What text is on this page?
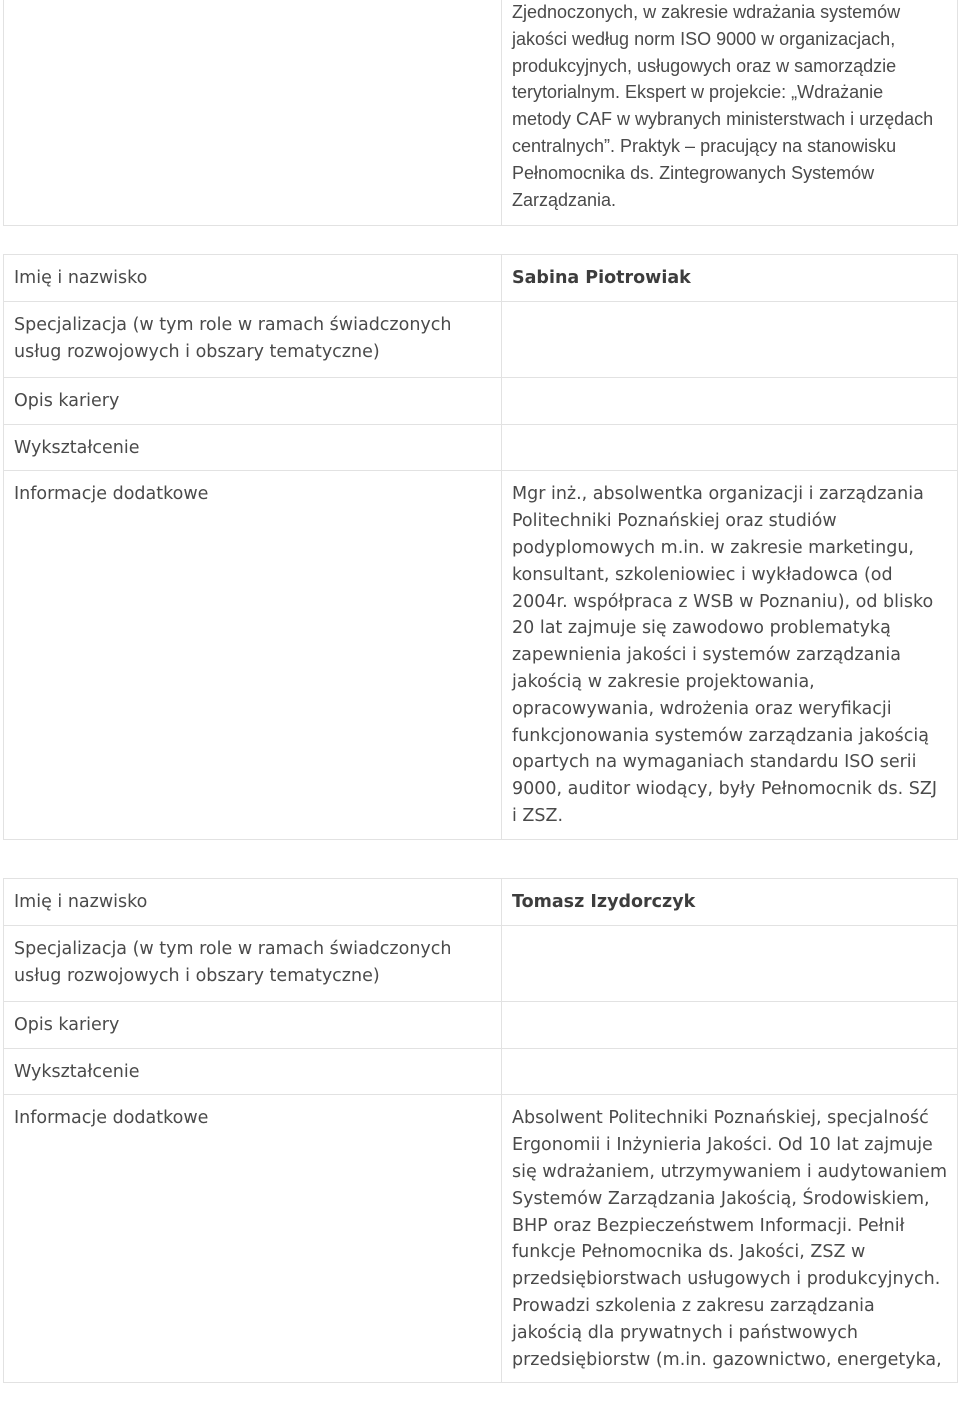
Zjednoczonych, w zakresie wdrażania systemów jakości według norm ISO 9000 w organizacjach, produkcyjnych, usługowych oraz w samorządzie terytorialnym. Ekspert w projekcie: „Wdrażanie metody CAF w wybranych ministerstwach i urzędach centralnych”. Praktyk – pracujący na stanowisku Pełnomocnika ds. Zintegrowanych Systemów Zarządzania.
Imię i nazwisko	Sabina Piotrowiak
Specjalizacja (w tym role w ramach świadczonych usług rozwojowych i obszary tematyczne)	
Opis kariery	
Wykształcenie	
Informacje dodatkowe	Mgr inż., absolwentka organizacji i zarządzania Politechniki Poznańskiej oraz studiów podyplomowych m.in. w zakresie marketingu, konsultant, szkoleniowiec i wykładowca (od 2004r. współpraca z WSB w Poznaniu), od blisko 20 lat zajmuje się zawodowo problematyką zapewnienia jakości i systemów zarządzania jakością w zakresie projektowania, opracowywania, wdrożenia oraz weryfikacji funkcjonowania systemów zarządzania jakością opartych na wymaganiach standardu ISO serii 9000, auditor wiodący, były Pełnomocnik ds. SZJ i ZSZ.
Imię i nazwisko	Tomasz Izydorczyk
Specjalizacja (w tym role w ramach świadczonych usług rozwojowych i obszary tematyczne)	
Opis kariery	
Wykształcenie	
Informacje dodatkowe	Absolwent Politechniki Poznańskiej, specjalność Ergonomii i Inżynieria Jakości. Od 10 lat zajmuje się wdrażaniem, utrzymywaniem i audytowaniem Systemów Zarządzania Jakością, Środowiskiem, BHP oraz Bezpieczeństwem Informacji. Pełnił funkcje Pełnomocnika ds. Jakości, ZSZ w przedsiębiorstwach usługowych i produkcyjnych. Prowadzi szkolenia z zakresu zarządzania jakością dla prywatnych i państwowych przedsiębiorstw (m.in. gazownictwo, energetyka,
